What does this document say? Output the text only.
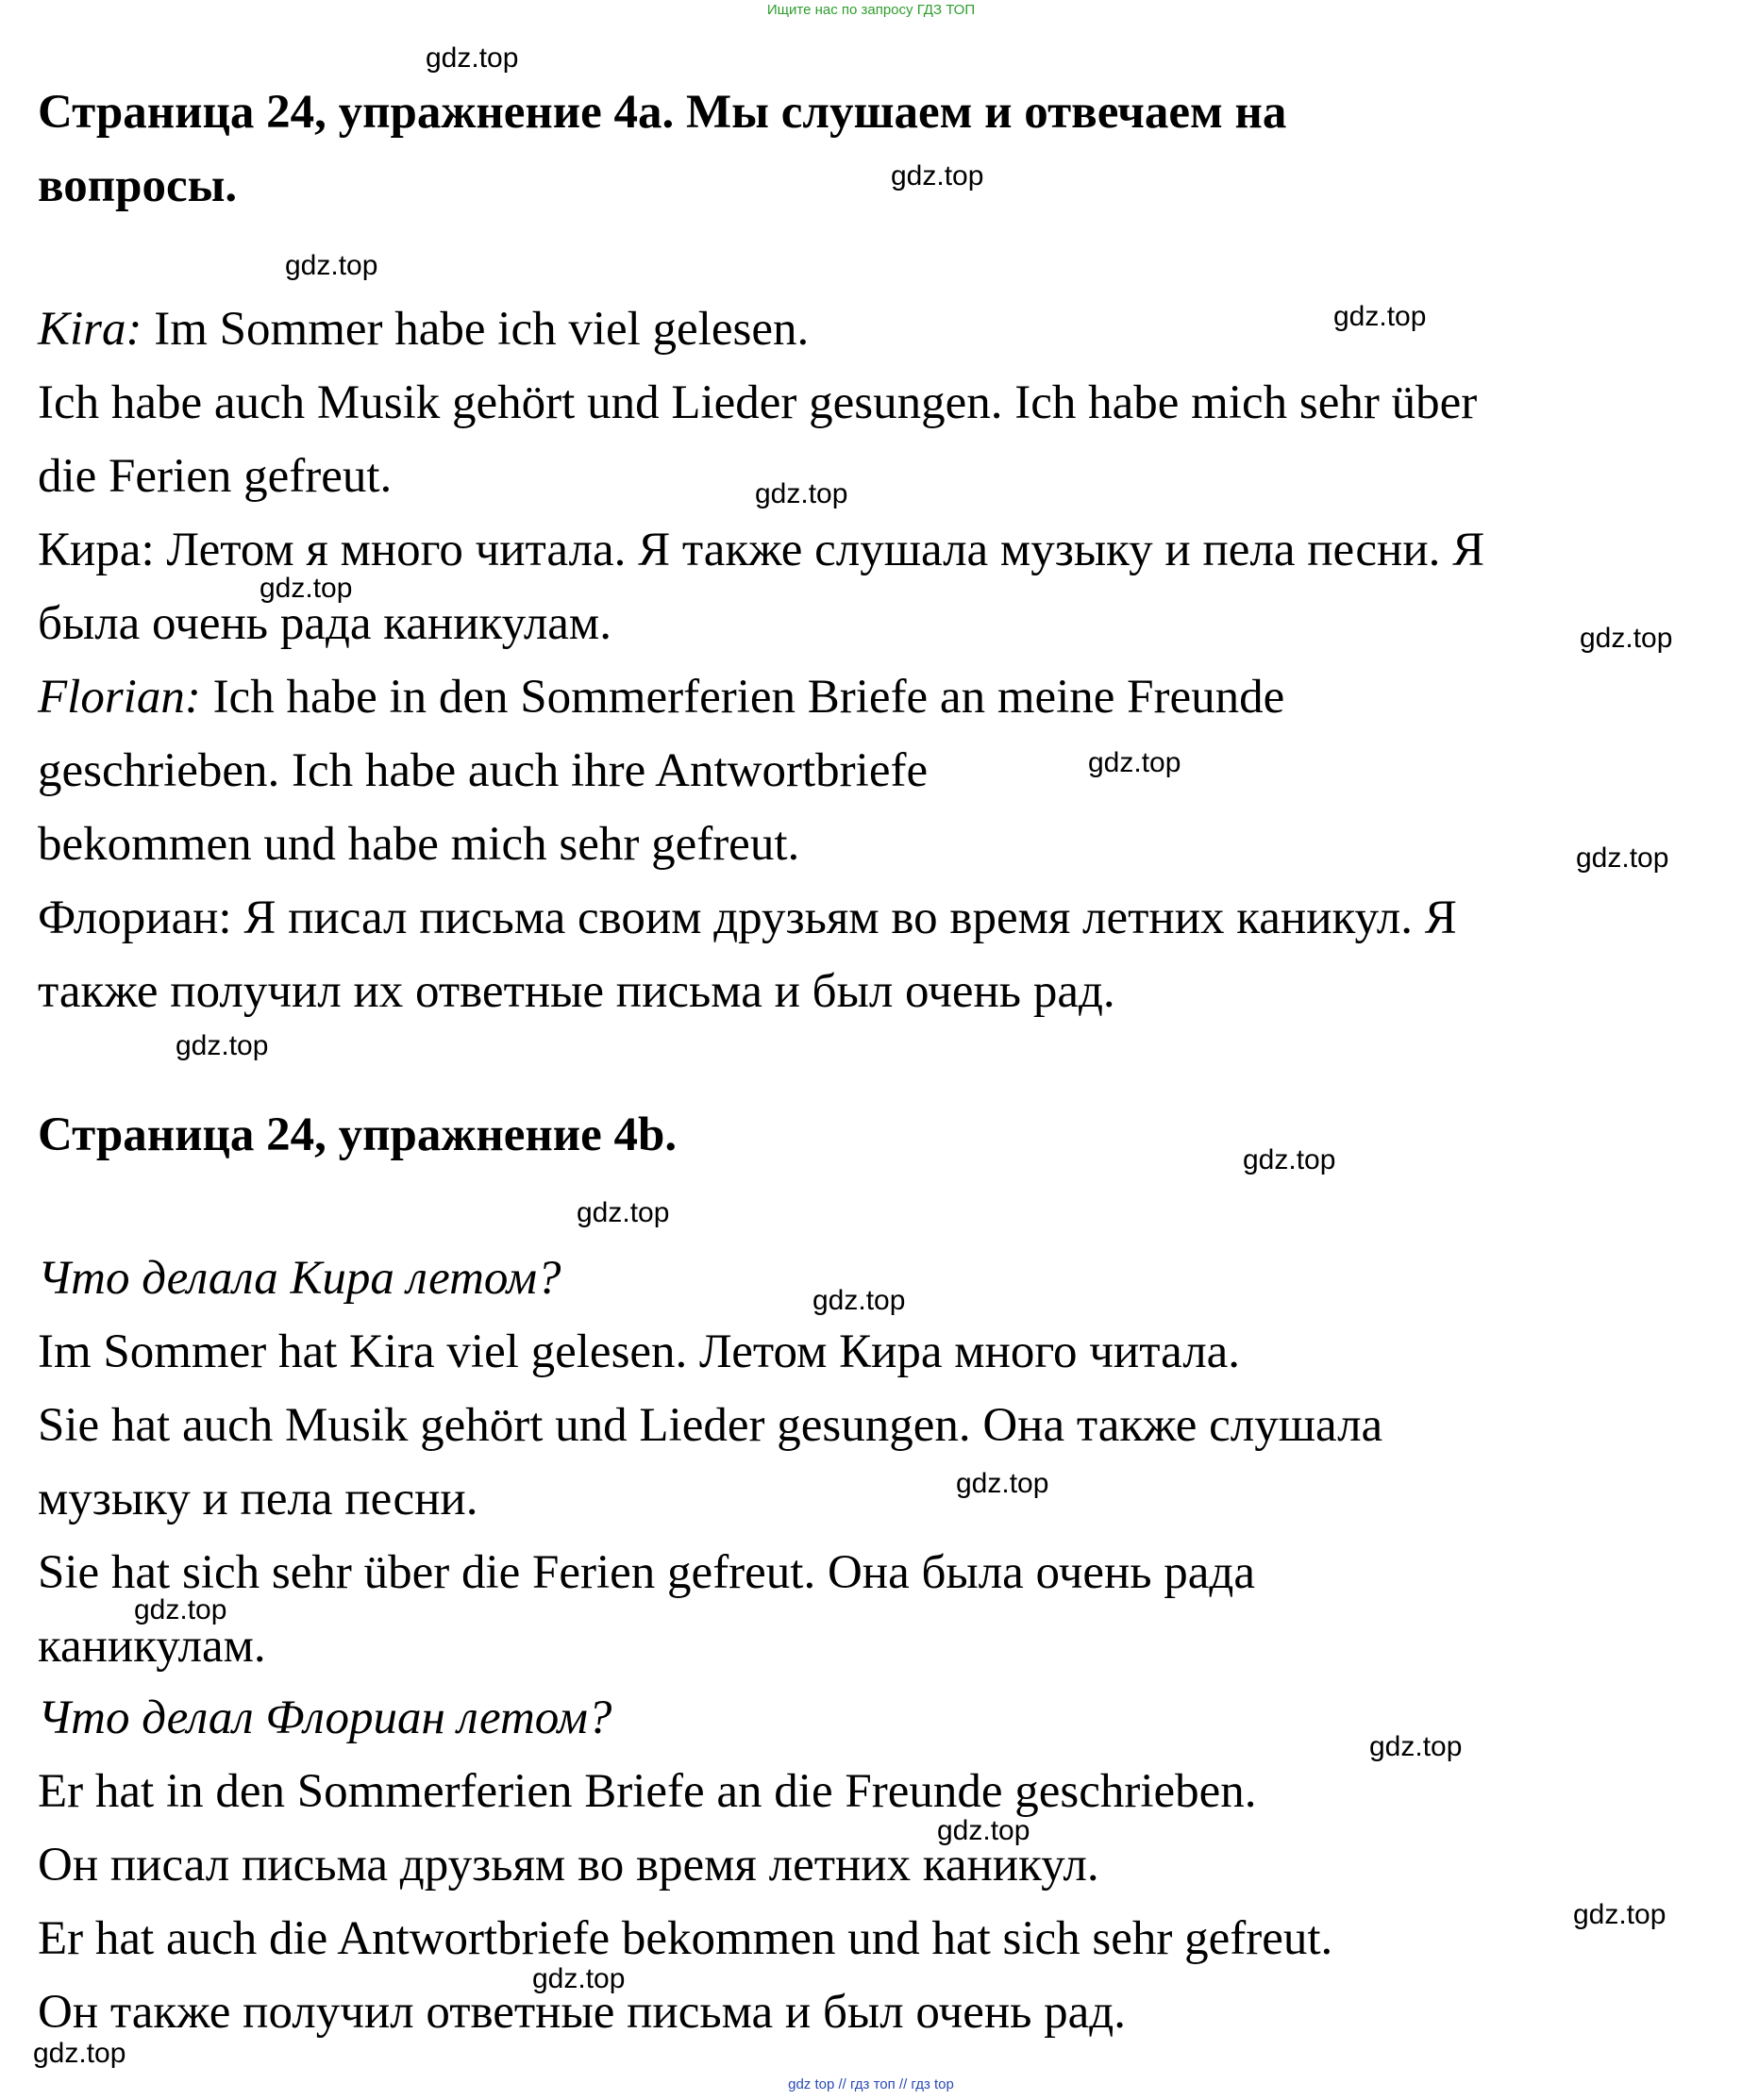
Ищите нас по запросу ГДЗ ТОП
Страница 24, упражнение 4a. Мы слушаем и отвечаем на
вопросы.
Kira: Im Sommer habe ich viel gelesen.
Ich habe auch Musik gehört und Lieder gesungen. Ich habe mich sehr über
die Ferien gefreut.
Кира: Летом я много читала. Я также слушала музыку и пела песни. Я
была очень рада каникулам.
Florian: Ich habe in den Sommerferien Briefe an meine Freunde
geschrieben. Ich habe auch ihre Antwortbriefe
bekommen und habe mich sehr gefreut.
Флориан: Я писал письма своим друзьям во время летних каникул. Я
также получил их ответные письма и был очень рад.
Страница 24, упражнение 4b.
Что делала Кира летом?
Im Sommer hat Kira viel gelesen. Летом Кира много читала.
Sie hat auch Musik gehört und Lieder gesungen. Она также слушала
музыку и пела песни.
Sie hat sich sehr über die Ferien gefreut. Она была очень рада
каникулам.
Что делал Флориан летом?
Er hat in den Sommerferien Briefe an die Freunde geschrieben.
Он писал письма друзьям во время летних каникул.
Er hat auch die Antwortbriefe bekommen und hat sich sehr gefreut.
Он также получил ответные письма и был очень рад.
gdz.top
gdz.top
gdz.top
gdz.top
gdz.top
gdz.top
gdz.top
gdz.top
gdz.top
gdz.top
gdz.top
gdz.top
gdz.top
gdz.top
gdz.top
gdz.top
gdz.top
gdz.top
gdz.top
gdz.top
gdz top // гдз топ // гдз top
